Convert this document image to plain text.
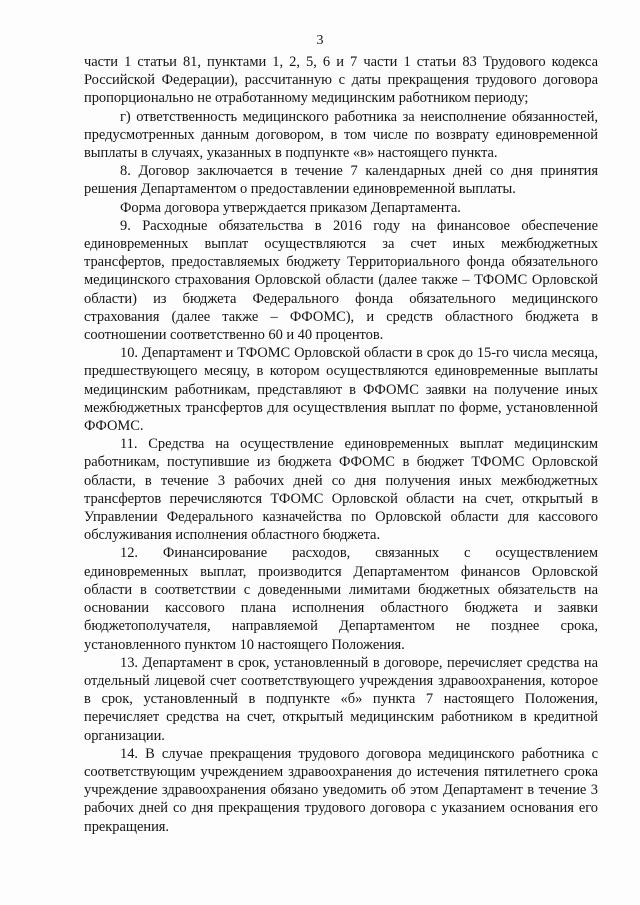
3

части 1 статьи 81, пунктами 1, 2, 5, 6 и 7 части 1 статьи 83 Трудового кодекса Российской Федерации), рассчитанную с даты прекращения трудового договора пропорционально не отработанному медицинским работником периоду;

г) ответственность медицинского работника за неисполнение обязанностей, предусмотренных данным договором, в том числе по возврату единовременной выплаты в случаях, указанных в подпункте «в» настоящего пункта.

8. Договор заключается в течение 7 календарных дней со дня принятия решения Департаментом о предоставлении единовременной выплаты.

Форма договора утверждается приказом Департамента.

9. Расходные обязательства в 2016 году на финансовое обеспечение единовременных выплат осуществляются за счет иных межбюджетных трансфертов, предоставляемых бюджету Территориального фонда обязательного медицинского страхования Орловской области (далее также – ТФОМС Орловской области) из бюджета Федерального фонда обязательного медицинского страхования (далее также – ФФОМС), и средств областного бюджета в соотношении соответственно 60 и 40 процентов.

10. Департамент и ТФОМС Орловской области в срок до 15-го числа месяца, предшествующего месяцу, в котором осуществляются единовременные выплаты медицинским работникам, представляют в ФФОМС заявки на получение иных межбюджетных трансфертов для осуществления выплат по форме, установленной ФФОМС.

11. Средства на осуществление единовременных выплат медицинским работникам, поступившие из бюджета ФФОМС в бюджет ТФОМС Орловской области, в течение 3 рабочих дней со дня получения иных межбюджетных трансфертов перечисляются ТФОМС Орловской области на счет, открытый в Управлении Федерального казначейства по Орловской области для кассового обслуживания исполнения областного бюджета.

12. Финансирование расходов, связанных с осуществлением единовременных выплат, производится Департаментом финансов Орловской области в соответствии с доведенными лимитами бюджетных обязательств на основании кассового плана исполнения областного бюджета и заявки бюджетополучателя, направляемой Департаментом не позднее срока, установленного пунктом 10 настоящего Положения.

13. Департамент в срок, установленный в договоре, перечисляет средства на отдельный лицевой счет соответствующего учреждения здравоохранения, которое в срок, установленный в подпункте «б» пункта 7 настоящего Положения, перечисляет средства на счет, открытый медицинским работником в кредитной организации.

14. В случае прекращения трудового договора медицинского работника с соответствующим учреждением здравоохранения до истечения пятилетнего срока учреждение здравоохранения обязано уведомить об этом Департамент в течение 3 рабочих дней со дня прекращения трудового договора с указанием основания его прекращения.
